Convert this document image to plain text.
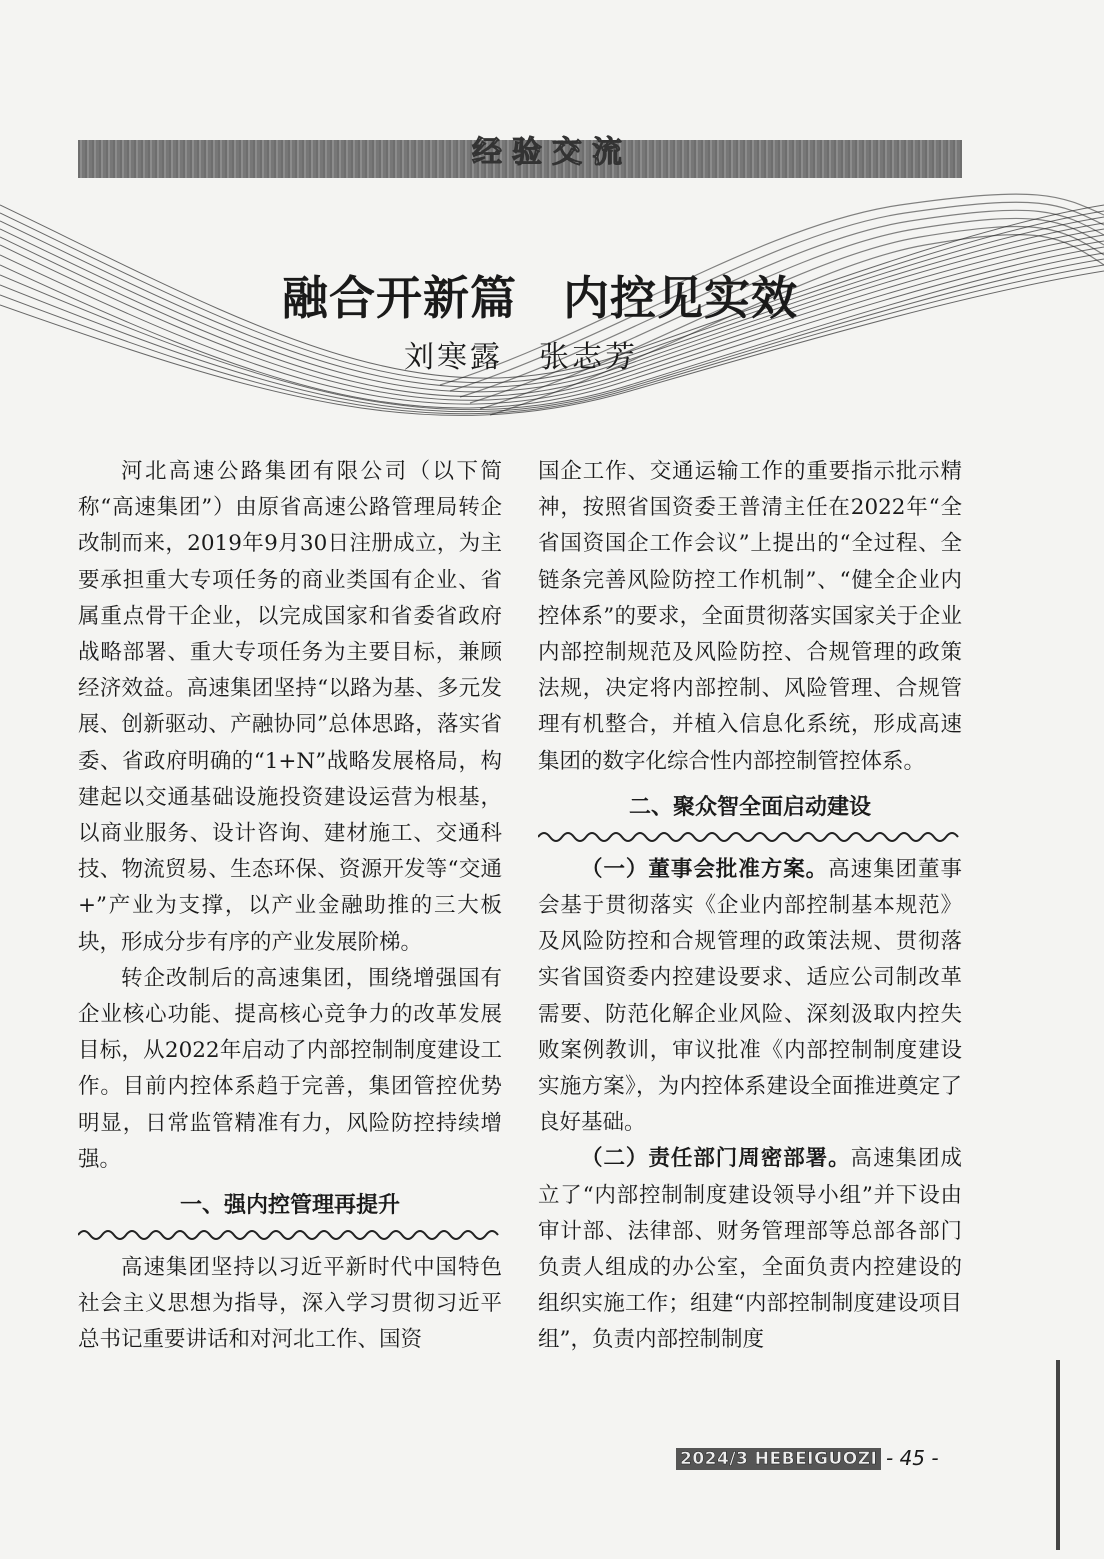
经验交流
融合开新篇 内控见实效
刘寒露 张志芳

河北高速公路集团有限公司（以下简称“高速集团”）由原省高速公路管理局转企改制而来，2019年9月30日注册成立，为主要承担重大专项任务的商业类国有企业、省属重点骨干企业，以完成国家和省委省政府战略部署、重大专项任务为主要目标，兼顾经济效益。高速集团坚持“以路为基、多元发展、创新驱动、产融协同”总体思路，落实省委、省政府明确的“1+N”战略发展格局，构建起以交通基础设施投资建设运营为根基，以商业服务、设计咨询、建材施工、交通科技、物流贸易、生态环保、资源开发等“交通+”产业为支撑，以产业金融助推的三大板块，形成分步有序的产业发展阶梯。

转企改制后的高速集团，围绕增强国有企业核心功能、提高核心竞争力的改革发展目标，从2022年启动了内部控制制度建设工作。目前内控体系趋于完善，集团管控优势明显，日常监管精准有力，风险防控持续增强。

一、强内控管理再提升

高速集团坚持以习近平新时代中国特色社会主义思想为指导，深入学习贯彻习近平总书记重要讲话和对河北工作、国资

国企工作、交通运输工作的重要指示批示精神，按照省国资委王普清主任在2022年“全省国资国企工作会议”上提出的“全过程、全链条完善风险防控工作机制”、“健全企业内控体系”的要求，全面贯彻落实国家关于企业内部控制规范及风险防控、合规管理的政策法规，决定将内部控制、风险管理、合规管理有机整合，并植入信息化系统，形成高速集团的数字化综合性内部控制管控体系。

二、聚众智全面启动建设

（一）董事会批准方案。高速集团董事会基于贯彻落实《企业内部控制基本规范》及风险防控和合规管理的政策法规、贯彻落实省国资委内控建设要求、适应公司制改革需要、防范化解企业风险、深刻汲取内控失败案例教训，审议批准《内部控制制度建设实施方案》，为内控体系建设全面推进奠定了良好基础。

（二）责任部门周密部署。高速集团成立了“内部控制制度建设领导小组”并下设由审计部、法律部、财务管理部等总部各部门负责人组成的办公室，全面负责内控建设的组织实施工作；组建“内部控制制度建设项目组”，负责内部控制制度

2024/3 HEBEIGUOZI - 45 -
